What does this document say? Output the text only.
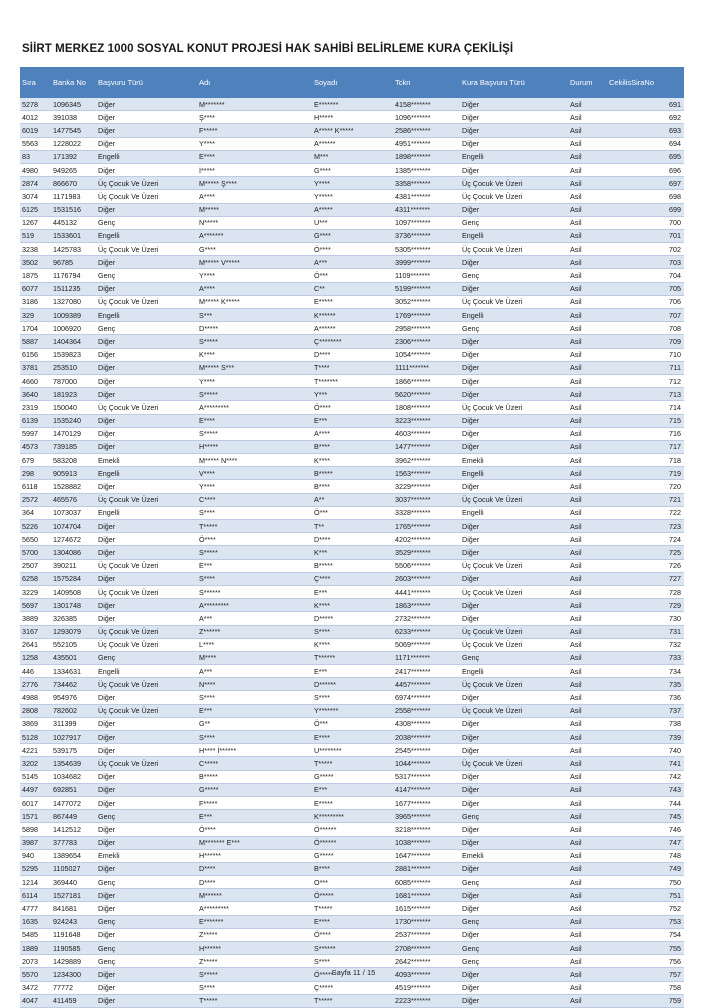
SİİRT MERKEZ 1000 SOSYAL KONUT PROJESİ HAK SAHİBİ BELİRLEME KURA ÇEKİLİŞİ
Sıra	Banka No	Başvuru Türü	Adı	Soyadı	Tckn	Kura Başvuru Türü	Durum	CekilisSiraNo
5278	1096345	Diğer	M*******	E*******	4158*******	Diğer	Asil	691
4012	391038	Diğer	Ş****	H*****	1096*******	Diğer	Asil	692
6019	1477545	Diğer	F*****	A***** K*****	2586*******	Diğer	Asil	693
5563	1228022	Diğer	Y****	A******	4951*******	Diğer	Asil	694
83	171392	Engelli	E****	M***	1898*******	Engelli	Asil	695
4980	949265	Diğer	İ*****	G****	1385*******	Diğer	Asil	696
2874	866670	Üç Çocuk Ve Üzeri	M***** Ş****	Y****	3358*******	Üç Çocuk Ve Üzeri	Asil	697
3074	1171983	Üç Çocuk Ve Üzeri	A****	Y*****	4381*******	Üç Çocuk Ve Üzeri	Asil	698
6125	1531516	Diğer	M*****	A*****	4311*******	Diğer	Asil	699
1267	445132	Genç	N*****	U***	1097*******	Genç	Asil	700
519	1533601	Engelli	A*******	G****	3736*******	Engelli	Asil	701
3238	1425783	Üç Çocuk Ve Üzeri	G****	Ö****	5305*******	Üç Çocuk Ve Üzeri	Asil	702
3502	96785	Diğer	M***** V*****	A***	3999*******	Diğer	Asil	703
1875	1176794	Genç	Y****	Ö***	1109*******	Genç	Asil	704
6077	1511235	Diğer	A****	C**	5199*******	Diğer	Asil	705
3186	1327080	Üç Çocuk Ve Üzeri	M***** K*****	E*****	3052*******	Üç Çocuk Ve Üzeri	Asil	706
329	1009389	Engelli	S***	K******	1769*******	Engelli	Asil	707
1704	1006920	Genç	D*****	A******	2958*******	Genç	Asil	708
5887	1404364	Diğer	S*****	Ç********	2306*******	Diğer	Asil	709
6156	1539823	Diğer	K****	D****	1054*******	Diğer	Asil	710
3781	253510	Diğer	M***** S***	T****	1111*******	Diğer	Asil	711
4660	787000	Diğer	Y****	T*******	1866*******	Diğer	Asil	712
3640	181923	Diğer	S*****	Y***	5620*******	Diğer	Asil	713
2319	150040	Üç Çocuk Ve Üzeri	A*********	Ö****	1808*******	Üç Çocuk Ve Üzeri	Asil	714
6139	1535240	Diğer	E****	E***	3223*******	Diğer	Asil	715
5997	1470129	Diğer	S*****	A****	4603*******	Diğer	Asil	716
4573	739185	Diğer	H*****	B****	1477*******	Diğer	Asil	717
679	583208	Emekli	M***** N****	K****	3962*******	Emekli	Asil	718
298	905913	Engelli	V****	B*****	1563*******	Engelli	Asil	719
6118	1528882	Diğer	Y****	B****	3229*******	Diğer	Asil	720
2572	465576	Üç Çocuk Ve Üzeri	C****	A**	3037*******	Üç Çocuk Ve Üzeri	Asil	721
364	1073037	Engelli	S****	Ö***	3328*******	Engelli	Asil	722
5226	1074704	Diğer	T*****	T**	1765*******	Diğer	Asil	723
5650	1274672	Diğer	Ö****	D****	4202*******	Diğer	Asil	724
5700	1304086	Diğer	S*****	K***	3529*******	Diğer	Asil	725
2507	390211	Üç Çocuk Ve Üzeri	E***	B*****	5506*******	Üç Çocuk Ve Üzeri	Asil	726
6258	1575284	Diğer	S****	Ç****	2603*******	Diğer	Asil	727
3229	1409508	Üç Çocuk Ve Üzeri	S******	E***	4441*******	Üç Çocuk Ve Üzeri	Asil	728
5697	1301748	Diğer	A*********	K****	1863*******	Diğer	Asil	729
3889	326385	Diğer	A***	D*****	2732*******	Diğer	Asil	730
3167	1293079	Üç Çocuk Ve Üzeri	Z******	S****	6233*******	Üç Çocuk Ve Üzeri	Asil	731
2641	552105	Üç Çocuk Ve Üzeri	L****	K****	5069*******	Üç Çocuk Ve Üzeri	Asil	732
1258	435501	Genç	M****	T******	1171*******	Genç	Asil	733
446	1334631	Engelli	A***	E***	2417*******	Engelli	Asil	734
2776	734462	Üç Çocuk Ve Üzeri	N****	D******	4457*******	Üç Çocuk Ve Üzeri	Asil	735
4988	954976	Diğer	S****	S****	6974*******	Diğer	Asil	736
2808	782602	Üç Çocuk Ve Üzeri	E***	Y*******	2558*******	Üç Çocuk Ve Üzeri	Asil	737
3869	311399	Diğer	G**	Ö***	4308*******	Diğer	Asil	738
5128	1027917	Diğer	S****	E****	2038*******	Diğer	Asil	739
4221	539175	Diğer	H**** İ******	U********	2545*******	Diğer	Asil	740
3202	1354639	Üç Çocuk Ve Üzeri	C*****	T*****	1044*******	Üç Çocuk Ve Üzeri	Asil	741
5145	1034682	Diğer	B*****	G*****	5317*******	Diğer	Asil	742
4497	692851	Diğer	G*****	E***	4147*******	Diğer	Asil	743
6017	1477072	Diğer	F*****	E*****	1677*******	Diğer	Asil	744
1571	867449	Genç	E***	K*********	3965*******	Genç	Asil	745
5898	1412512	Diğer	Ö****	Ö******	3218*******	Diğer	Asil	746
3987	377783	Diğer	M******* E***	Ö******	1038*******	Diğer	Asil	747
940	1389654	Emekli	H******	G*****	1647*******	Emekli	Asil	748
5295	1105027	Diğer	D****	B****	2881*******	Diğer	Asil	749
1214	369440	Genç	D****	O***	6085*******	Genç	Asil	750
6114	1527181	Diğer	M******	Ö*****	1681*******	Diğer	Asil	751
4777	841681	Diğer	A*********	T*****	1615*******	Diğer	Asil	752
1635	924243	Genç	E*******	E****	1730*******	Genç	Asil	753
5485	1191648	Diğer	Z*****	Ö****	2537*******	Diğer	Asil	754
1889	1190585	Genç	H******	S******	2708*******	Genç	Asil	755
2073	1429889	Genç	Z*****	S****	2642*******	Genç	Asil	756
5570	1234300	Diğer	S*****	Ö*****	4093*******	Diğer	Asil	757
3472	77772	Diğer	S****	Ç*****	4519*******	Diğer	Asil	758
4047	411459	Diğer	T*****	T*****	2223*******	Diğer	Asil	759
Sayfa 11 / 15
